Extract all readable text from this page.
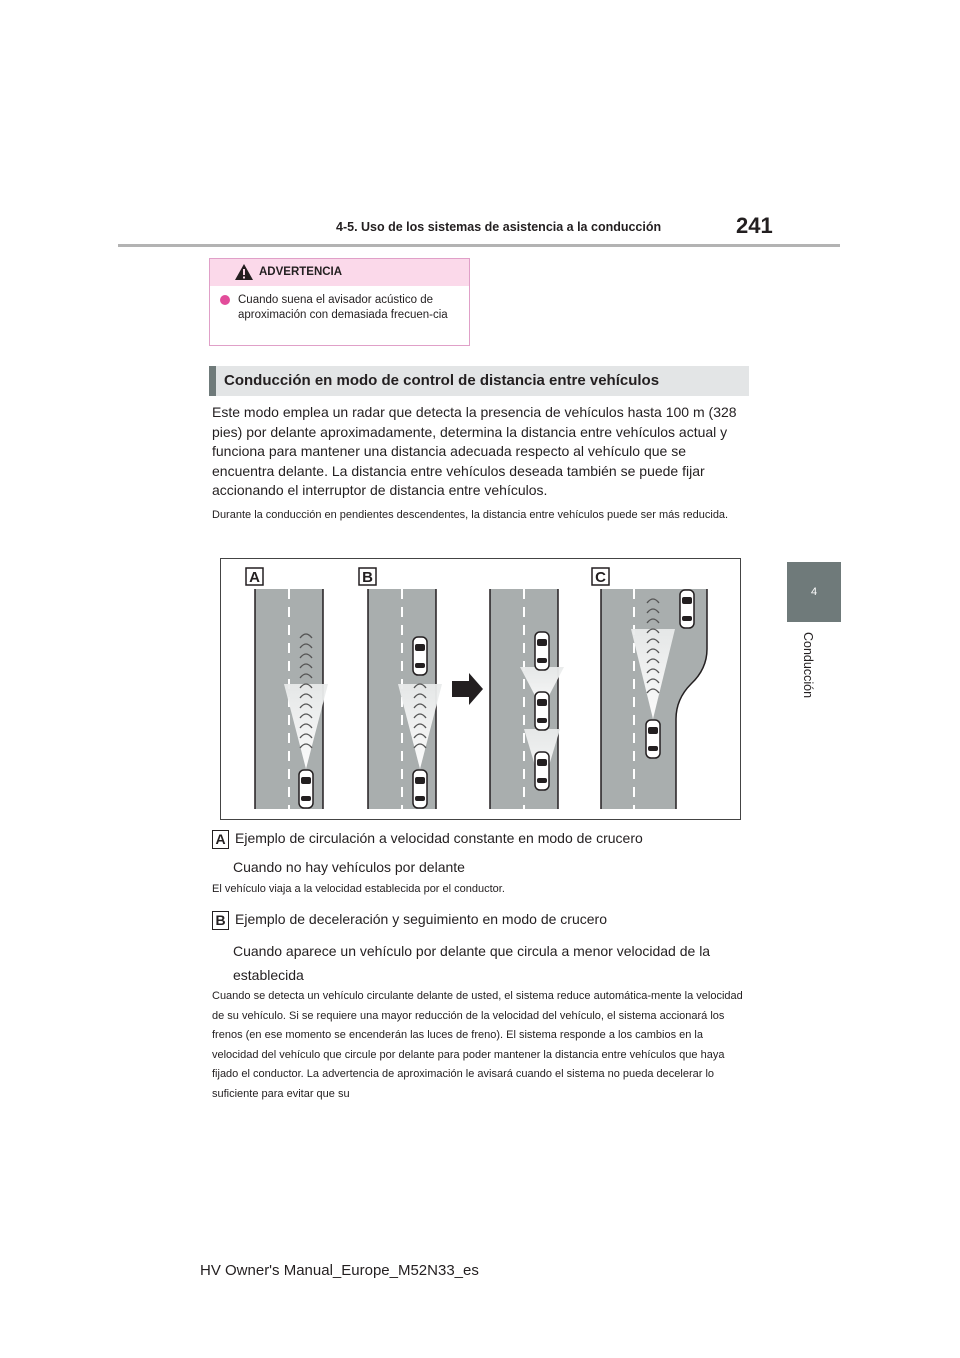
4-5. Uso de los sistemas de asistencia a la conducción	241
4
Conducción
ADVERTENCIA
Cuando suena el avisador acústico de aproximación con demasiada frecuen-cia
Conducción en modo de control de distancia entre vehículos
Este modo emplea un radar que detecta la presencia de vehículos hasta 100 m (328 pies) por delante aproximadamente, determina la distancia entre vehículos actual y funciona para mantener una distancia adecuada respecto al vehículo que se encuentra delante. La distancia entre vehículos deseada también se puede fijar accionando el interruptor de distancia entre vehículos.
Durante la conducción en pendientes descendentes, la distancia entre vehículos puede ser más reducida.
A	B	C
A Ejemplo de circulación a velocidad constante en modo de crucero
Cuando no hay vehículos por delante
El vehículo viaja a la velocidad establecida por el conductor.
B Ejemplo de deceleración y seguimiento en modo de crucero
Cuando aparece un vehículo por delante que circula a menor velocidad de la establecida
Cuando se detecta un vehículo circulante delante de usted, el sistema reduce automática-mente la velocidad de su vehículo. Si se requiere una mayor reducción de la velocidad del vehículo, el sistema accionará los frenos (en ese momento se encenderán las luces de freno). El sistema responde a los cambios en la velocidad del vehículo que circule por delante para poder mantener la distancia entre vehículos que haya fijado el conductor. La advertencia de aproximación le avisará cuando el sistema no pueda decelerar lo suficiente para evitar que su
HV Owner's Manual_Europe_M52N33_es
